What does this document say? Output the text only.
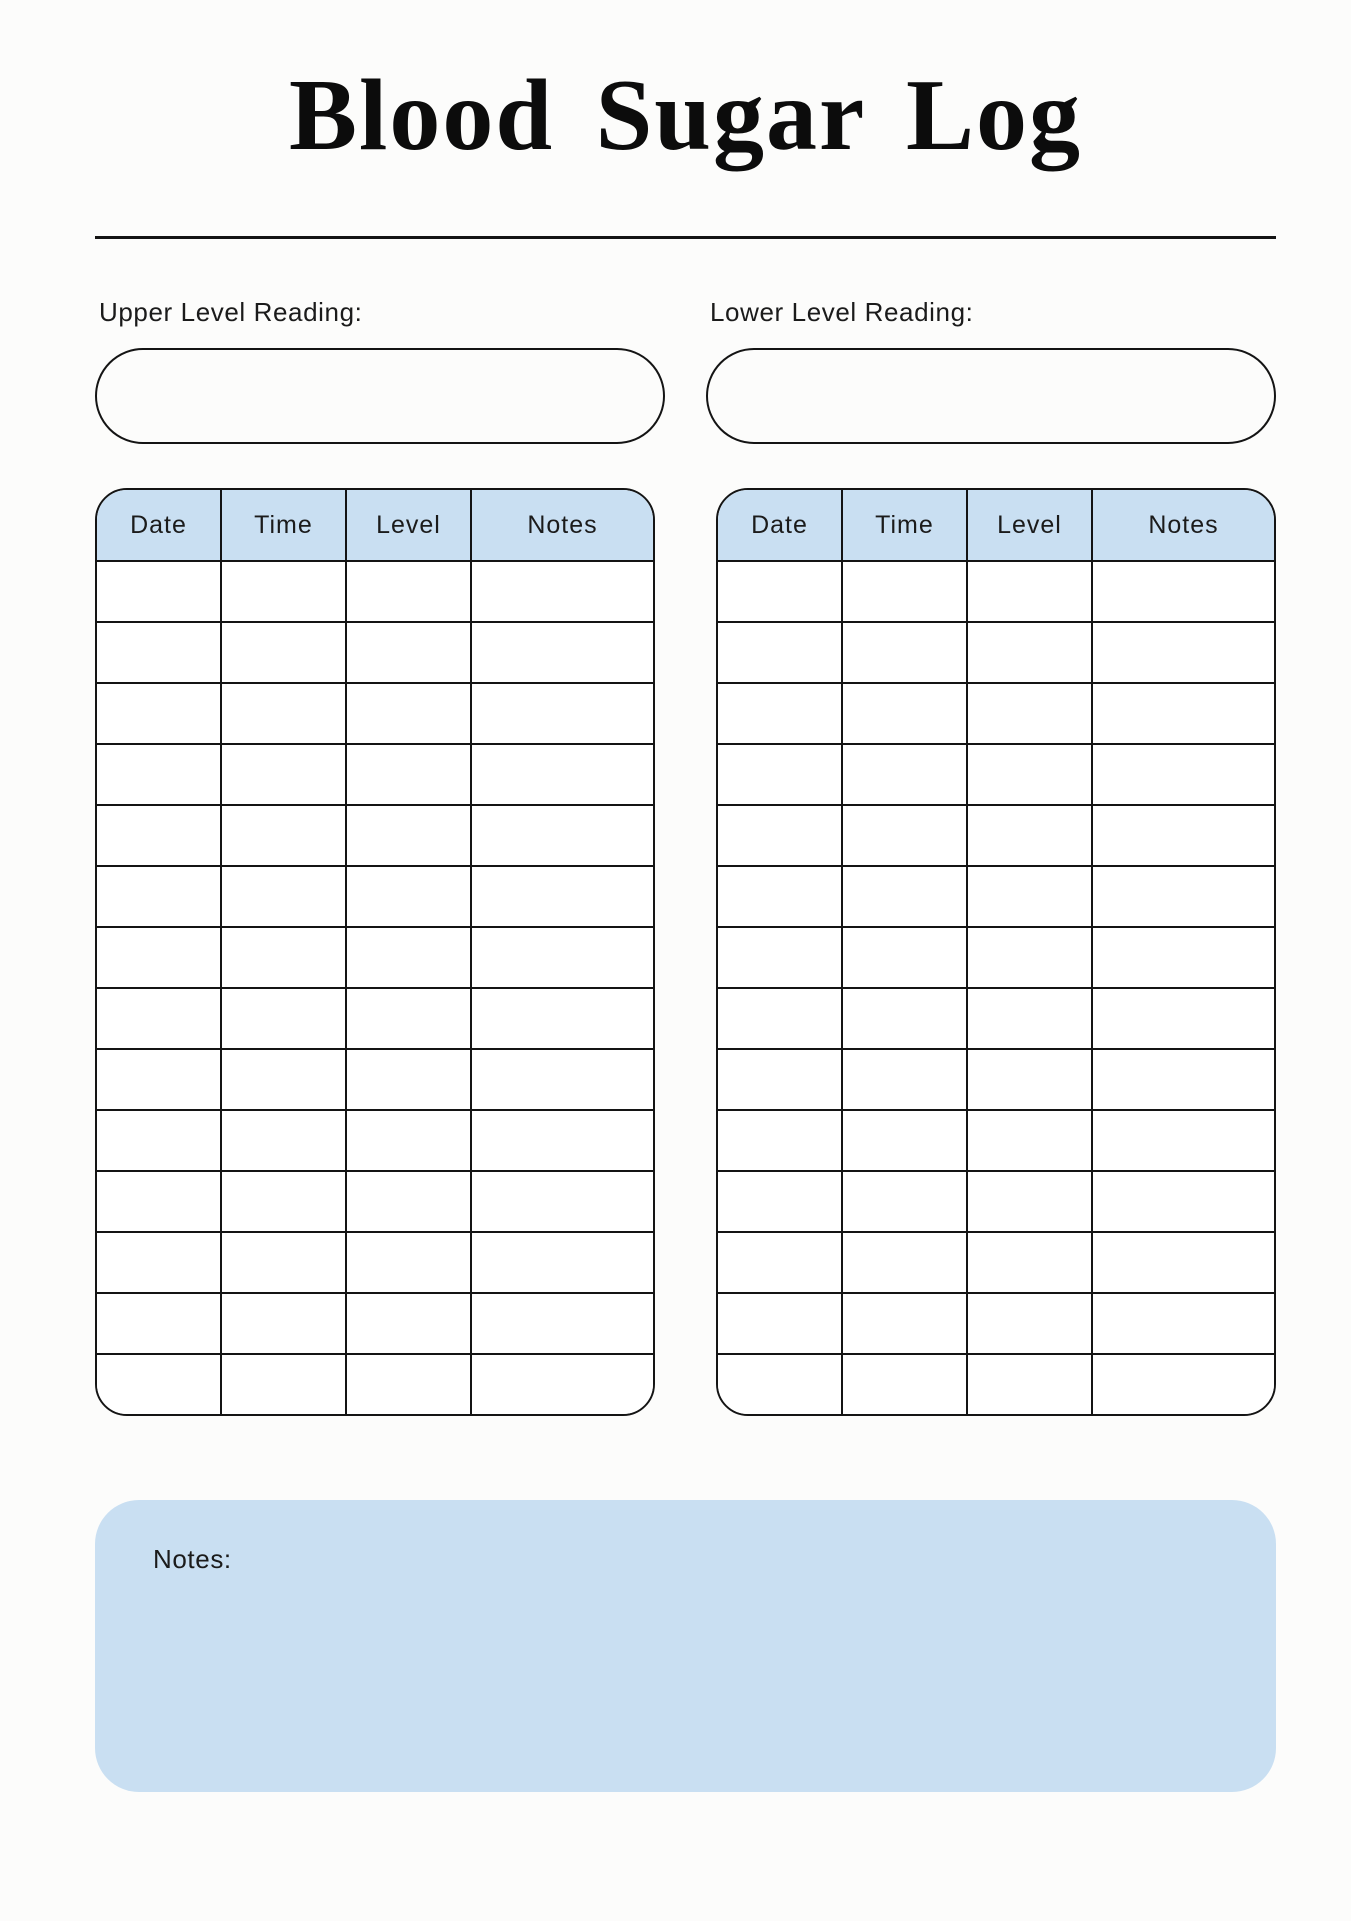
Blood Sugar Log
Upper Level Reading:	Lower Level Reading:
Date	Time	Level	Notes

				Date	Time	Level	Notes

Notes:
